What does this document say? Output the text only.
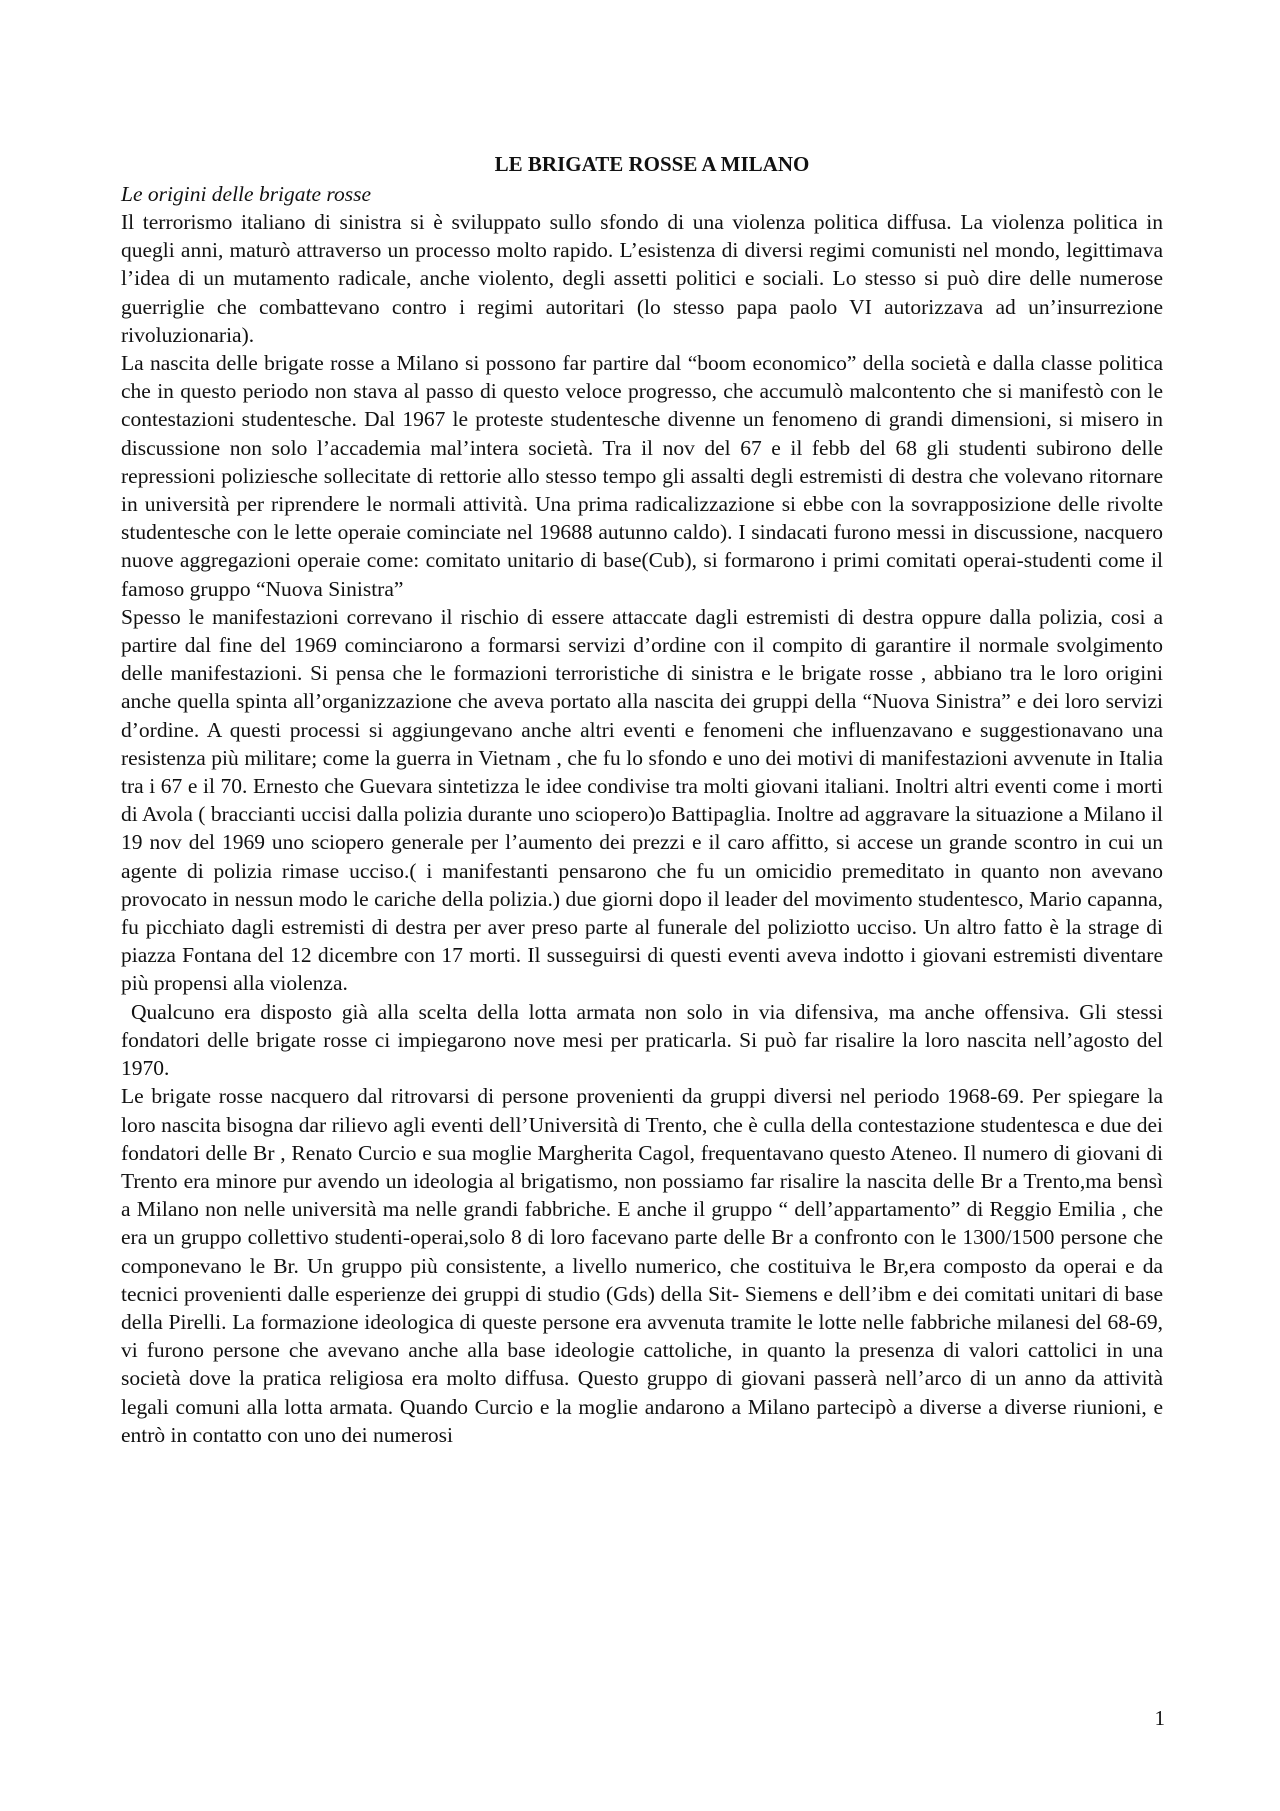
LE BRIGATE ROSSE A MILANO
Le origini delle brigate rosse

Il terrorismo italiano di sinistra si è sviluppato sullo sfondo di una violenza politica diffusa. La violenza politica in quegli anni, maturò attraverso un processo molto rapido. L’esistenza di diversi regimi comunisti nel mondo, legittimava l’idea di un mutamento radicale, anche violento, degli assetti politici e sociali. Lo stesso si può dire delle numerose guerriglie che combattevano contro i regimi autoritari (lo stesso papa paolo VI autorizzava ad un’insurrezione rivoluzionaria).

La nascita delle brigate rosse a Milano si possono far partire dal “boom economico” della società e dalla classe politica che in questo periodo non stava al passo di questo veloce progresso, che accumulò malcontento che si manifestò con le contestazioni studentesche. Dal 1967 le proteste studentesche divenne un fenomeno di grandi dimensioni, si misero in discussione non solo l’accademia mal’intera società. Tra il nov del 67 e il febb del 68 gli studenti subirono delle repressioni poliziesche sollecitate di rettorie allo stesso tempo gli assalti degli estremisti di destra che volevano ritornare in università per riprendere le normali attività. Una prima radicalizzazione si ebbe con la sovrapposizione delle rivolte studentesche con le lette operaie cominciate nel 19688 autunno caldo). I sindacati furono messi in discussione, nacquero nuove aggregazioni operaie come: comitato unitario di base(Cub), si formarono i primi comitati operai-studenti come il famoso gruppo “Nuova Sinistra”

Spesso le manifestazioni correvano il rischio di essere attaccate dagli estremisti di destra oppure dalla polizia, cosi a partire dal fine del 1969 cominciarono a formarsi servizi d’ordine con il compito di garantire il normale svolgimento delle manifestazioni. Si pensa che le formazioni terroristiche di sinistra e le brigate rosse , abbiano tra le loro origini anche quella spinta all’organizzazione che aveva portato alla nascita dei gruppi della “Nuova Sinistra” e dei loro servizi d’ordine. A questi processi si aggiungevano anche altri eventi e fenomeni che influenzavano e suggestionavano una resistenza più militare; come la guerra in Vietnam , che fu lo sfondo e uno dei motivi di manifestazioni avvenute in Italia tra i 67 e il 70. Ernesto che Guevara sintetizza le idee condivise tra molti giovani italiani. Inoltri altri eventi come i morti di Avola ( braccianti uccisi dalla polizia durante uno sciopero)o Battipaglia. Inoltre ad aggravare la situazione a Milano il 19 nov del 1969 uno sciopero generale per l’aumento dei prezzi e il caro affitto, si accese un grande scontro in cui un agente di polizia rimase ucciso.( i manifestanti pensarono che fu un omicidio premeditato in quanto non avevano provocato in nessun modo le cariche della polizia.) due giorni dopo il leader del movimento studentesco, Mario capanna, fu picchiato dagli estremisti di destra per aver preso parte al funerale del poliziotto ucciso. Un altro fatto è la strage di piazza Fontana del 12 dicembre con 17 morti. Il susseguirsi di questi eventi aveva indotto i giovani estremisti diventare più propensi alla violenza.

Qualcuno era disposto già alla scelta della lotta armata non solo in via difensiva, ma anche offensiva. Gli stessi fondatori delle brigate rosse ci impiegarono nove mesi per praticarla. Si può far risalire la loro nascita nell’agosto del 1970.

Le brigate rosse nacquero dal ritrovarsi di persone provenienti da gruppi diversi nel periodo 1968-69. Per spiegare la loro nascita bisogna dar rilievo agli eventi dell’Università di Trento, che è culla della contestazione studentesca e due dei fondatori delle Br , Renato Curcio e sua moglie Margherita Cagol, frequentavano questo Ateneo. Il numero di giovani di Trento era minore pur avendo un ideologia al brigatismo, non possiamo far risalire la nascita delle Br a Trento,ma bensì a Milano non nelle università ma nelle grandi fabbriche. E anche il gruppo “ dell’appartamento” di Reggio Emilia , che era un gruppo collettivo studenti-operai,solo 8 di loro facevano parte delle Br a confronto con le 1300/1500 persone che componevano le Br. Un gruppo più consistente, a livello numerico, che costituiva le Br,era composto da operai e da tecnici provenienti dalle esperienze dei gruppi di studio (Gds) della Sit- Siemens e dell’ibm e dei comitati unitari di base della Pirelli. La formazione ideologica di queste persone era avvenuta tramite le lotte nelle fabbriche milanesi del 68-69, vi furono persone che avevano anche alla base ideologie cattoliche, in quanto la presenza di valori cattolici in una società dove la pratica religiosa era molto diffusa. Questo gruppo di giovani passerà nell’arco di un anno da attività legali comuni alla lotta armata. Quando Curcio e la moglie andarono a Milano partecipò a diverse a diverse riunioni, e entrò in contatto con uno dei numerosi

1
